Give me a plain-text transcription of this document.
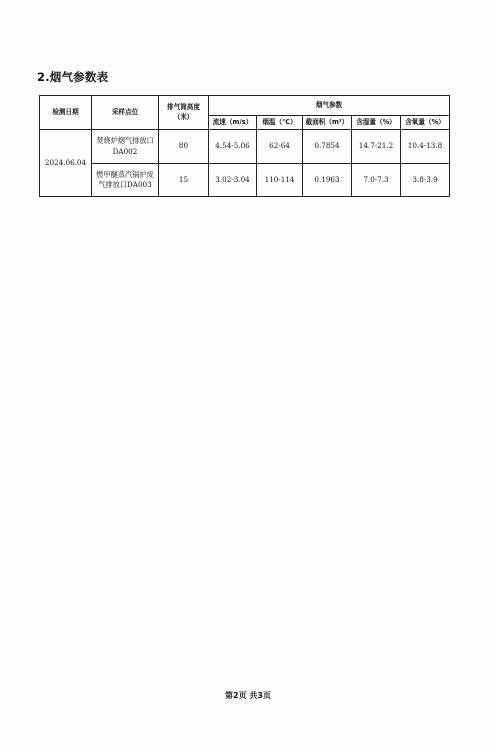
2.烟气参数表
检测日期	采样点位	排气筒高度
（米）	烟气参数				
			流速（m/s）	烟温（℃）	截面积（m²）	含湿量（%）	含氧量（%）
2024.06.04	焚烧炉烟气排放口
DA002	80	4.54-5.06	62-64	0.7854	14.7-21.2	10.4-13.8

	燃甲醚蒸汽锅炉废
气排放口DA003	15	3.02-3.04	110-114	0.1963	7.0-7.3	3.8-3.9
第2页 共3页
